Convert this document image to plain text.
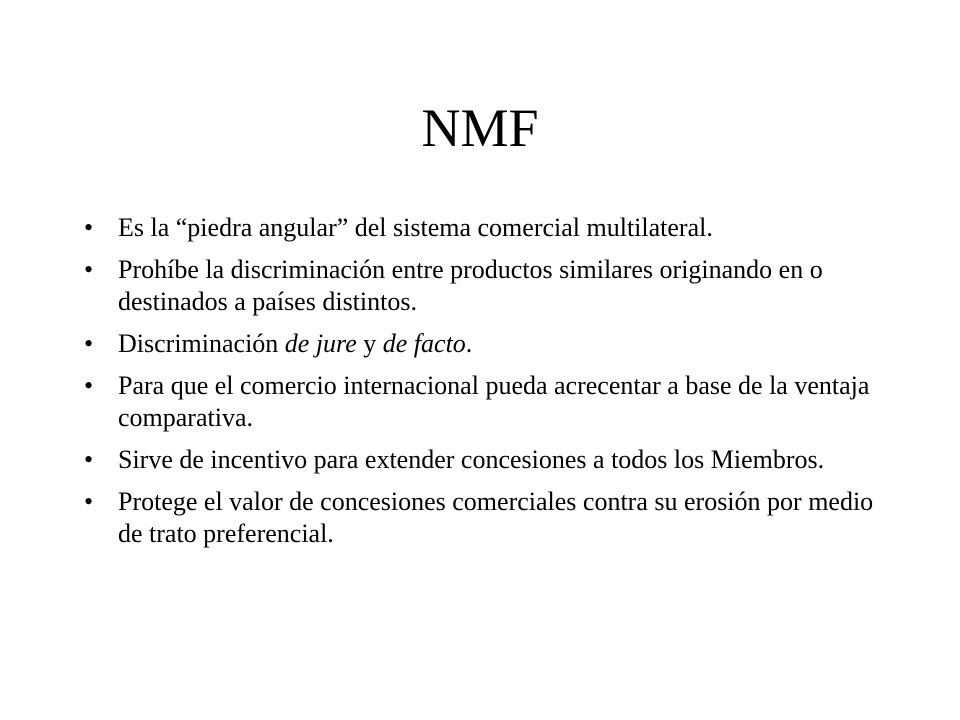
NMF
• Es la “piedra angular” del sistema comercial multilateral.
• Prohíbe la discriminación entre productos similares originando en o destinados a países distintos.
• Discriminación de jure y de facto.
• Para que el comercio internacional pueda acrecentar a base de la ventaja comparativa.
• Sirve de incentivo para extender concesiones a todos los Miembros.
• Protege el valor de concesiones comerciales contra su erosión por medio de trato preferencial.
